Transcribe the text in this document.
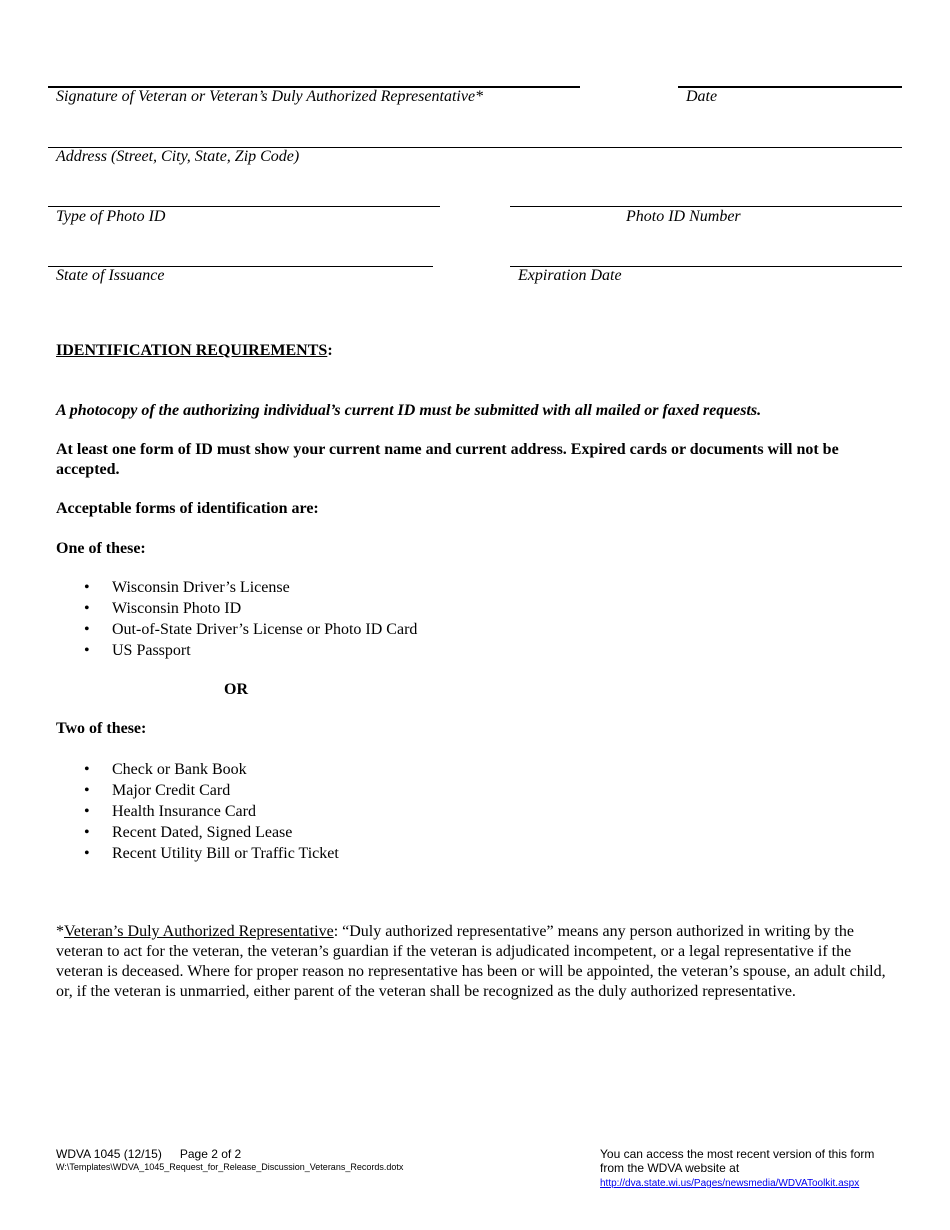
Signature of Veteran or Veteran’s Duly Authorized Representative*	Date
Address (Street, City, State, Zip Code)
Type of Photo ID	Photo ID Number
State of Issuance	Expiration Date
IDENTIFICATION REQUIREMENTS:
A photocopy of the authorizing individual’s current ID must be submitted with all mailed or faxed requests.
At least one form of ID must show your current name and current address. Expired cards or documents will not be accepted.
Acceptable forms of identification are:
One of these:
• Wisconsin Driver’s License
• Wisconsin Photo ID
• Out-of-State Driver’s License or Photo ID Card
• US Passport
OR
Two of these:
• Check or Bank Book
• Major Credit Card
• Health Insurance Card
• Recent Dated, Signed Lease
• Recent Utility Bill or Traffic Ticket
*Veteran’s Duly Authorized Representative: “Duly authorized representative” means any person authorized in writing by the veteran to act for the veteran, the veteran’s guardian if the veteran is adjudicated incompetent, or a legal representative if the veteran is deceased. Where for proper reason no representative has been or will be appointed, the veteran’s spouse, an adult child, or, if the veteran is unmarried, either parent of the veteran shall be recognized as the duly authorized representative.
WDVA 1045 (12/15) Page 2 of 2
W:\Templates\WDVA_1045_Request_for_Release_Discussion_Veterans_Records.dotx
You can access the most recent version of this form
from the WDVA website at
http://dva.state.wi.us/Pages/newsmedia/WDVAToolkit.aspx
